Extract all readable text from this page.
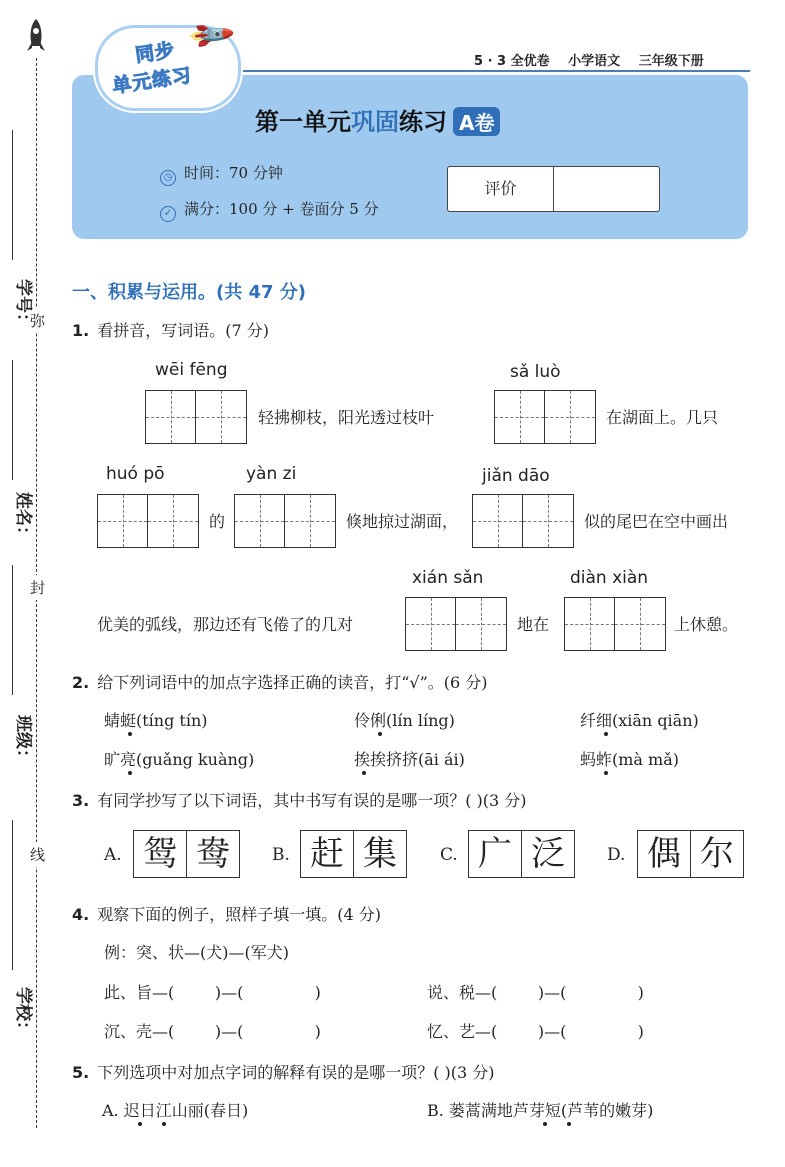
弥
封
线
学号：
姓名：
班级：
学校：
5 · 3 全优卷 小学语文 三年级下册
同步
单元练习
🚀
第一单元巩固练习 A卷
◷ 时间：70 分钟
✓ 满分：100 分 + 卷面分 5 分
评价
一、积累与运用。(共 47 分)
1. 看拼音，写词语。(7 分)
wēi fēng
轻拂柳枝，阳光透过枝叶
sǎ luò
在湖面上。几只
huó pō
的
yàn zi
倏地掠过湖面，
jiǎn dāo
似的尾巴在空中画出
xián sǎn	diàn xiàn
优美的弧线，那边还有飞倦了的几对	地在	上休憩。
2. 给下列词语中的加点字选择正确的读音，打“√”。(6 分)
蜻蜓(tíng tín)	伶俐(lín líng)	纤细(xiān qiān)
旷亮(guǎng kuàng)	挨挨挤挤(āi ái)	蚂蚱(mà mǎ)
3. 有同学抄写了以下词语，其中书写有误的是哪一项？( )(3 分)
A. 鸳 鸯	B. 赶 集	C. 广 泛	D. 偶 尔
4. 观察下面的例子，照样子填一填。(4 分)
例：突、状—(犬)—(军犬)
此、旨—(        )—(              )	说、税—(        )—(              )
沉、壳—(        )—(              )	忆、艺—(        )—(              )
5. 下列选项中对加点字词的解释有误的是哪一项？( )(3 分)
A. 迟日江山丽(春日)	B. 蒌蒿满地芦芽短(芦苇的嫩芽)
